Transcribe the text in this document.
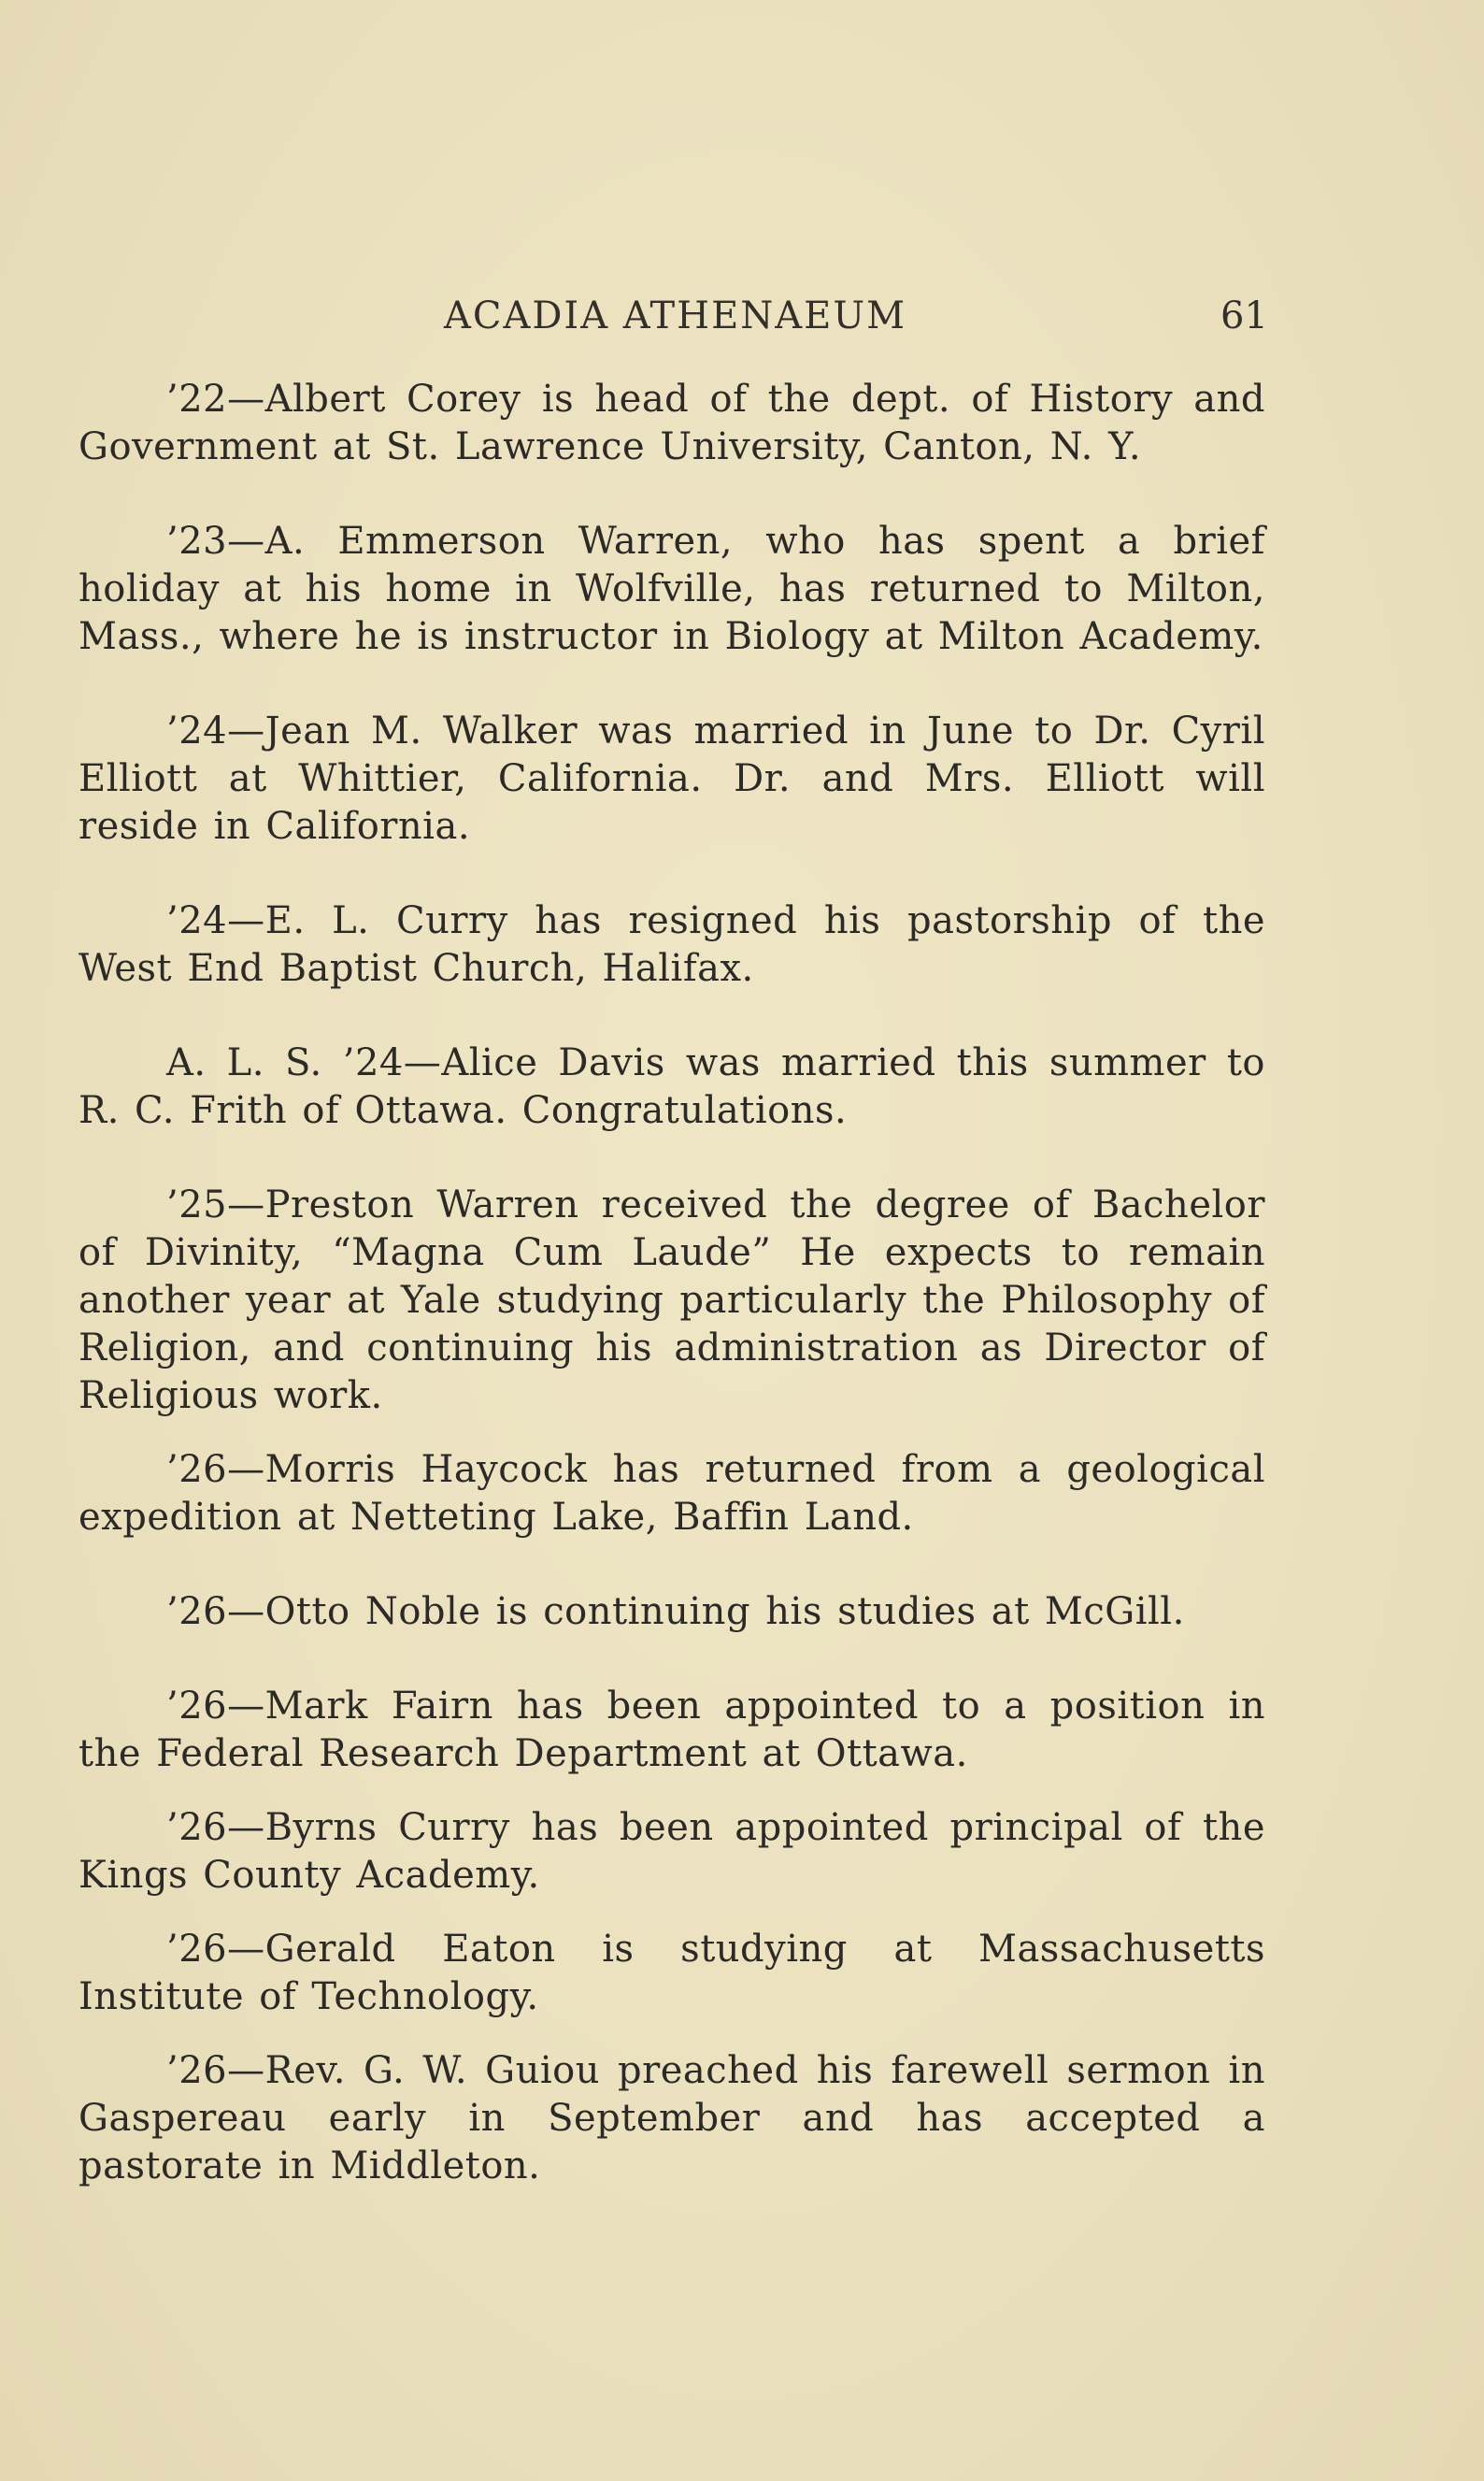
ACADIA ATHENAEUM	61

’22—Albert Corey is head of the dept. of History and Government at St. Lawrence University, Canton, N. Y.

’23—A. Emmerson Warren, who has spent a brief holiday at his home in Wolfville, has returned to Milton, Mass., where he is instructor in Biology at Milton Academy.

’24—Jean M. Walker was married in June to Dr. Cyril Elliott at Whittier, California. Dr. and Mrs. Elliott will reside in California.

’24—E. L. Curry has resigned his pastorship of the West End Baptist Church, Halifax.

A. L. S. ’24—Alice Davis was married this summer to R. C. Frith of Ottawa. Congratulations.

’25—Preston Warren received the degree of Bachelor of Divinity, “Magna Cum Laude” He expects to remain another year at Yale studying particularly the Philosophy of Religion, and continuing his administration as Director of Religious work.

’26—Morris Haycock has returned from a geological expedition at Netteting Lake, Baffin Land.

’26—Otto Noble is continuing his studies at McGill.

’26—Mark Fairn has been appointed to a position in the Federal Research Department at Ottawa.

’26—Byrns Curry has been appointed principal of the Kings County Academy.

’26—Gerald Eaton is studying at Massachusetts Institute of Technology.

’26—Rev. G. W. Guiou preached his farewell sermon in Gaspereau early in September and has accepted a pastorate in Middleton.
